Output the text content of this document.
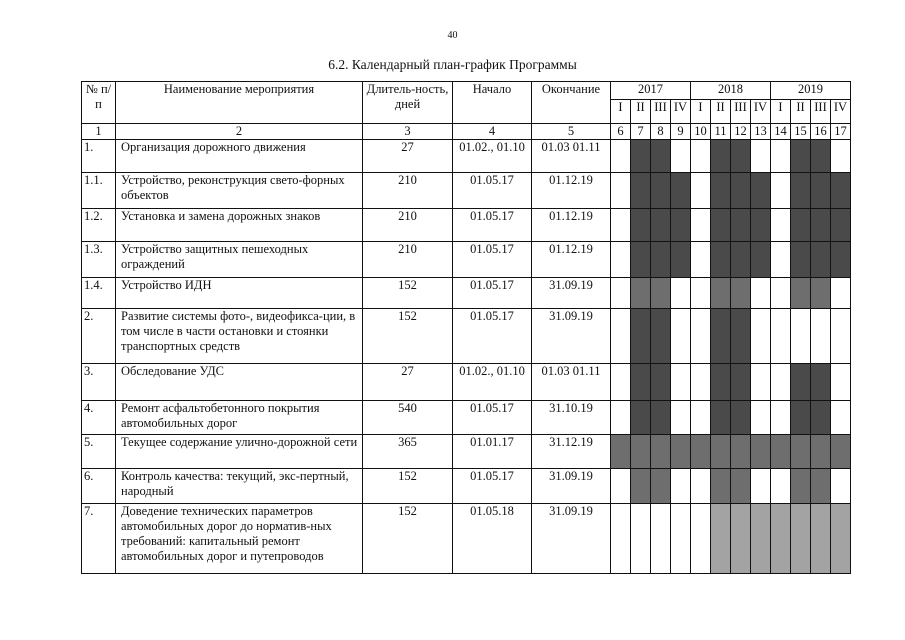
40
6.2. Календарный план-график Программы
№ п/п	Наименование мероприятия	Длитель-ность, дней	Начало	Окончание	2017				2018				2019			
					I	II	III	IV	I	II	III	IV	I	II	III	IV
1	2	3	4	5	6	7	8	9	10	11	12	13	14	15	16	17
1.	Организация дорожного движения	27	01.02., 01.10	01.03 01.11												
1.1.	Устройство, реконструкция свето-форных объектов	210	01.05.17	01.12.19												
1.2.	Установка и замена дорожных знаков	210	01.05.17	01.12.19												
1.3.	Устройство защитных пешеходных ограждений	210	01.05.17	01.12.19												
1.4.	Устройство ИДН	152	01.05.17	31.09.19												
2.	Развитие системы фото-, видеофикса-ции, в том числе в части остановки и стоянки транспортных средств	152	01.05.17	31.09.19												
3.	Обследование УДС	27	01.02., 01.10	01.03 01.11												
4.	Ремонт асфальтобетонного покрытия автомобильных дорог	540	01.05.17	31.10.19												
5.	Текущее содержание улично-дорожной сети	365	01.01.17	31.12.19												
6.	Контроль качества: текущий, экс-пертный, народный	152	01.05.17	31.09.19												
7.	Доведение технических параметров автомобильных дорог до норматив-ных требований: капитальный ремонт автомобильных дорог и путепроводов	152	01.05.18	31.09.19												
